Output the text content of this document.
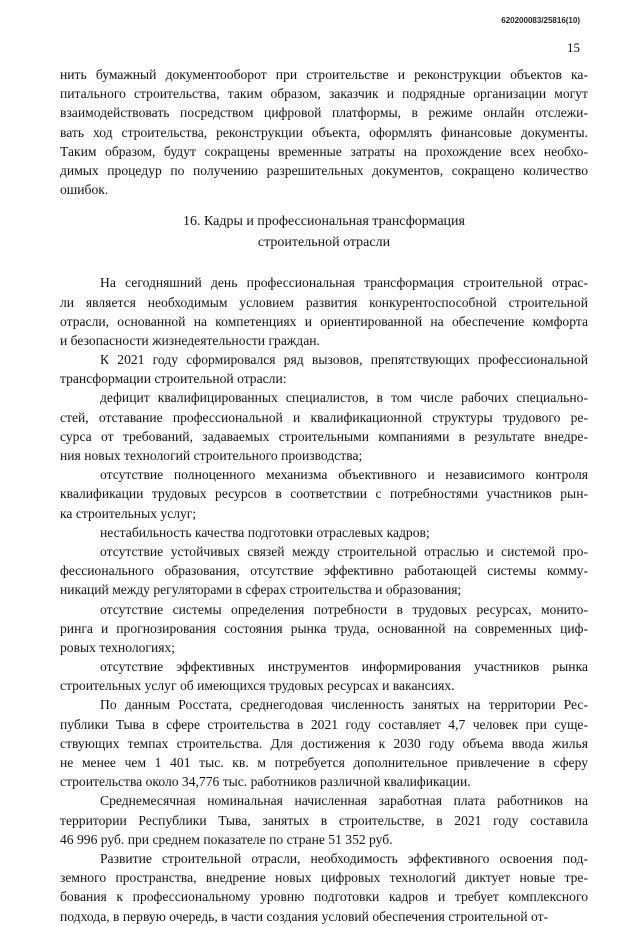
620200083/25816(10)
15
нить бумажный документооборот при строительстве и реконструкции объектов ка-
питального строительства, таким образом, заказчик и подрядные организации могут
взаимодействовать посредством цифровой платформы, в режиме онлайн отслежи-
вать ход строительства, реконструкции объекта, оформлять финансовые документы.
Таким образом, будут сокращены временные затраты на прохождение всех необхо-
димых процедур по получению разрешительных документов, сокращено количество
ошибок.
16. Кадры и профессиональная трансформация
строительной отрасли
На сегодняшний день профессиональная трансформация строительной отрас-
ли является необходимым условием развития конкурентоспособной строительной
отрасли, основанной на компетенциях и ориентированной на обеспечение комфорта
и безопасности жизнедеятельности граждан.
К 2021 году сформировался ряд вызовов, препятствующих профессиональной
трансформации строительной отрасли:
дефицит квалифицированных специалистов, в том числе рабочих специально-
стей, отставание профессиональной и квалификационной структуры трудового ре-
сурса от требований, задаваемых строительными компаниями в результате внедре-
ния новых технологий строительного производства;
отсутствие полноценного механизма объективного и независимого контроля
квалификации трудовых ресурсов в соответствии с потребностями участников рын-
ка строительных услуг;
нестабильность качества подготовки отраслевых кадров;
отсутствие устойчивых связей между строительной отраслью и системой про-
фессионального образования, отсутствие эффективно работающей системы комму-
никаций между регуляторами в сферах строительства и образования;
отсутствие системы определения потребности в трудовых ресурсах, монито-
ринга и прогнозирования состояния рынка труда, основанной на современных циф-
ровых технологиях;
отсутствие эффективных инструментов информирования участников рынка
строительных услуг об имеющихся трудовых ресурсах и вакансиях.
По данным Росстата, среднегодовая численность занятых на территории Рес-
публики Тыва в сфере строительства в 2021 году составляет 4,7 человек при суще-
ствующих темпах строительства. Для достижения к 2030 году объема ввода жилья
не менее чем 1 401 тыс. кв. м потребуется дополнительное привлечение в сферу
строительства около 34,776 тыс. работников различной квалификации.
Среднемесячная номинальная начисленная заработная плата работников на
территории Республики Тыва, занятых в строительстве, в 2021 году составила
46 996 руб. при среднем показателе по стране 51 352 руб.
Развитие строительной отрасли, необходимость эффективного освоения под-
земного пространства, внедрение новых цифровых технологий диктует новые тре-
бования к профессиональному уровню подготовки кадров и требует комплексного
подхода, в первую очередь, в части создания условий обеспечения строительной от-
